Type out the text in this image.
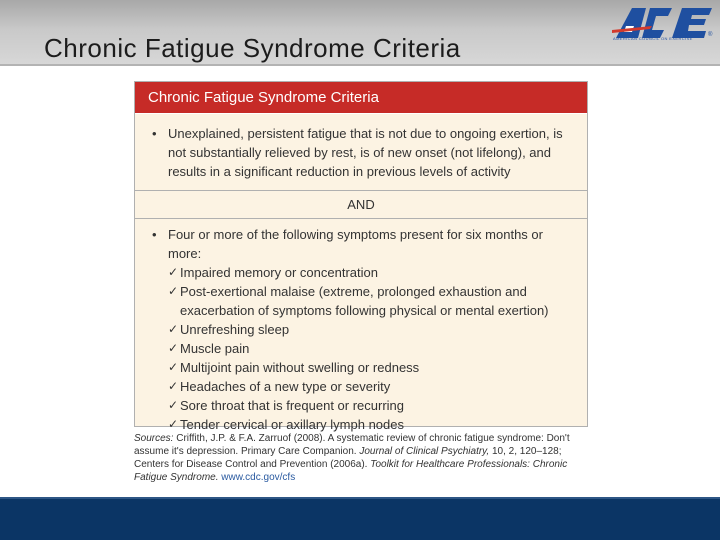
Chronic Fatigue Syndrome Criteria	AMERICAN COUNCIL ON EXERCISE
®
Chronic Fatigue Syndrome Criteria
• Unexplained, persistent fatigue that is not due to ongoing exertion, is not substantially relieved by rest, is of new onset (not lifelong), and results in a significant reduction in previous levels of activity
AND
• Four or more of the following symptoms present for six months or more:
✓ Impaired memory or concentration
✓ Post-exertional malaise (extreme, prolonged exhaustion and exacerbation of symptoms following physical or mental exertion)
✓ Unrefreshing sleep
✓ Muscle pain
✓ Multijoint pain without swelling or redness
✓ Headaches of a new type or severity
✓ Sore throat that is frequent or recurring
✓ Tender cervical or axillary lymph nodes
Sources: Criffith, J.P. & F.A. Zarruof (2008). A systematic review of chronic fatigue syndrome: Don't assume it's depression. Primary Care Companion. Journal of Clinical Psychiatry, 10, 2, 120–128; Centers for Disease Control and Prevention (2006a). Toolkit for Healthcare Professionals: Chronic Fatigue Syndrome. www.cdc.gov/cfs
